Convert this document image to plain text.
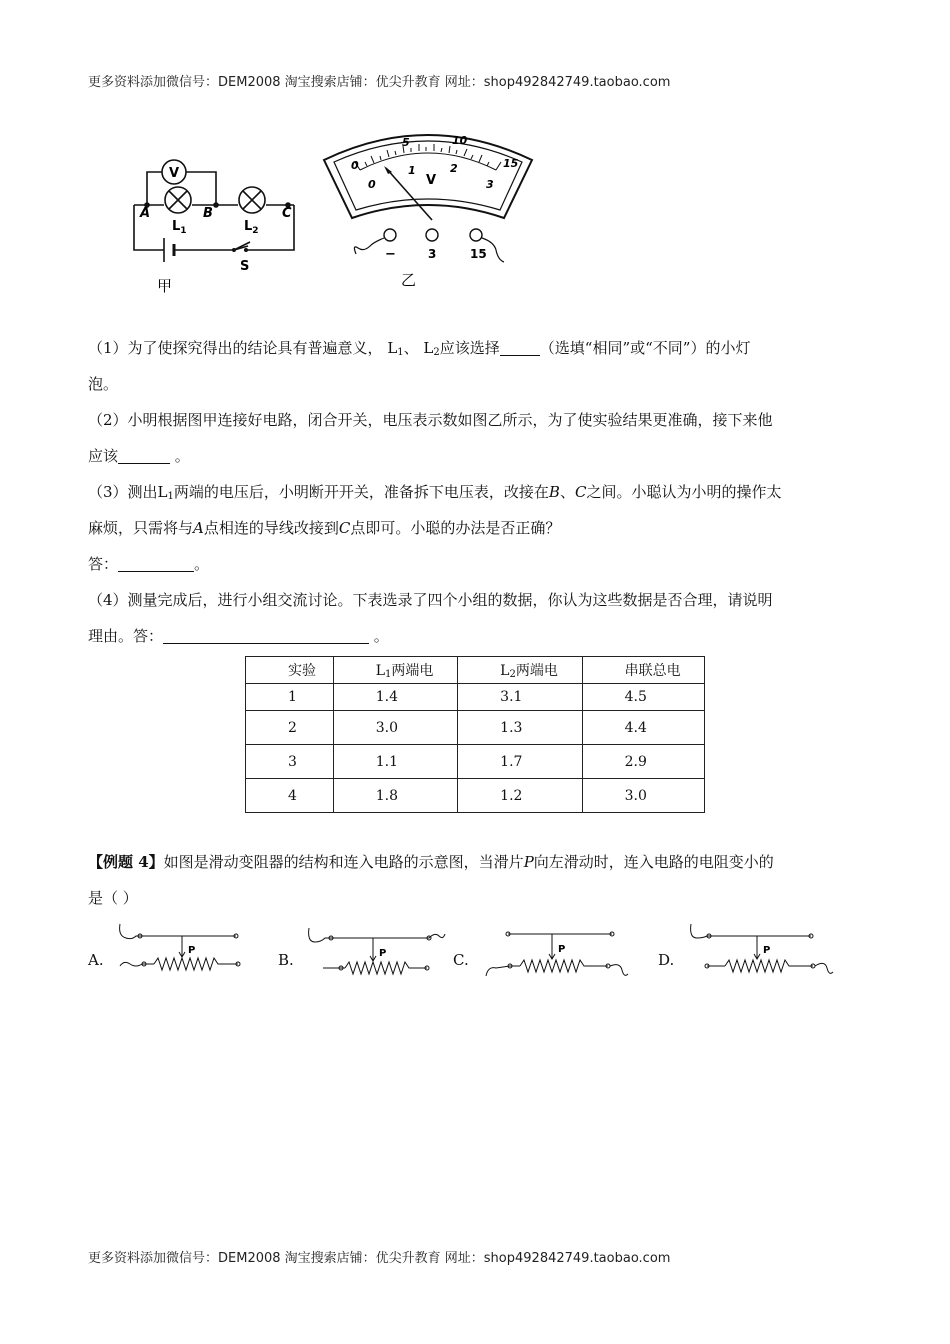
更多资料添加微信号：DEM2008 淘宝搜索店铺：优尖升教育 网址：shop492842749.taobao.com
V
A	B	C
$L_1$	$L_2$
S
甲
0
5	10
15
0
1	2
3
V
−	3	15
乙
（1）为了使探究得出的结论具有普遍意义， $L_1$、 $L_2$应该选择	（选填“相同”或“不同”）的小灯
泡。
（2）小明根据图甲连接好电路，闭合开关，电压表示数如图乙所示，为了使实验结果更准确，接下来他
应该	。
（3）测出$L_1$两端的电压后，小明断开开关，准备拆下电压表，改接在B、C之间。小聪认为小明的操作太
麻烦，只需将与A点相连的导线改接到C点即可。小聪的办法是否正确？
答：	。
（4）测量完成后，进行小组交流讨论。下表选录了四个小组的数据，你认为这些数据是否合理，请说明
理由。答：	。
实验	$L_1$两端电	$L_2$两端电	串联总电
1	1.4	3.1	4.5
2	3.0	1.3	4.4
3	1.1	1.7	2.9
4	1.8	1.2	3.0
【例题 4】如图是滑动变阻器的结构和连入电路的示意图，当滑片P向左滑动时，连入电路的电阻变小的
是（ ）
A.
P
B.	P	C.
P
D.
P
更多资料添加微信号：DEM2008 淘宝搜索店铺：优尖升教育 网址：shop492842749.taobao.com
